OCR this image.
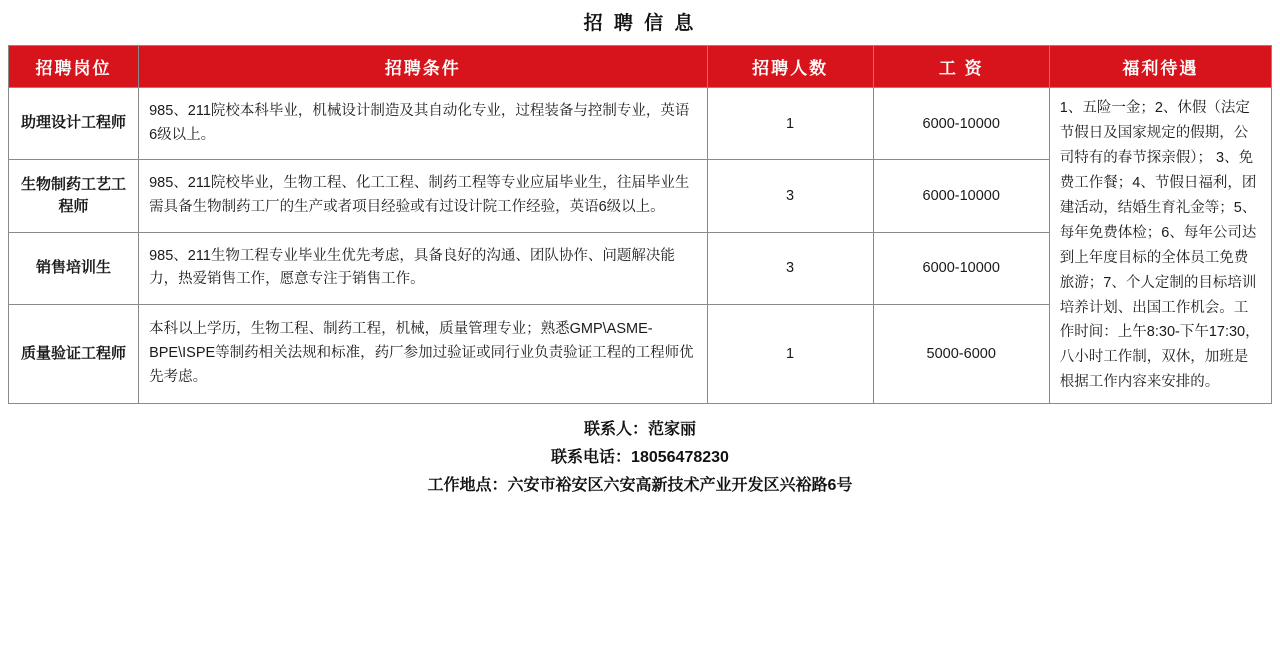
招 聘 信 息
招聘岗位	招聘条件	招聘人数	工 资	福利待遇
助理设计工程师	985、211院校本科毕业，机械设计制造及其自动化专业，过程装备与控制专业，英语6级以上。	1	6000-10000	1、五险一金；2、休假（法定节假日及国家规定的假期，公司特有的春节探亲假）； 3、免费工作餐；4、节假日福利，团建活动，结婚生育礼金等；5、每年免费体检；6、每年公司达到上年度目标的全体员工免费旅游；7、个人定制的目标培训培养计划、出国工作机会。工作时间：上午8:30-下午17:30，八小时工作制，双休，加班是根据工作内容来安排的。
生物制药工艺工程师	985、211院校毕业，生物工程、化工工程、制药工程等专业应届毕业生，往届毕业生需具备生物制药工厂的生产或者项目经验或有过设计院工作经验，英语6级以上。	3	6000-10000	
销售培训生	985、211生物工程专业毕业生优先考虑，具备良好的沟通、团队协作、问题解决能力，热爱销售工作，愿意专注于销售工作。	3	6000-10000	
质量验证工程师	本科以上学历，生物工程、制药工程，机械，质量管理专业；熟悉GMP\ASME-BPE\ISPE等制药相关法规和标准，药厂参加过验证或同行业负责验证工程的工程师优先考虑。	1	5000-6000	
联系人：范家丽
联系电话：18056478230
工作地点：六安市裕安区六安高新技术产业开发区兴裕路6号
